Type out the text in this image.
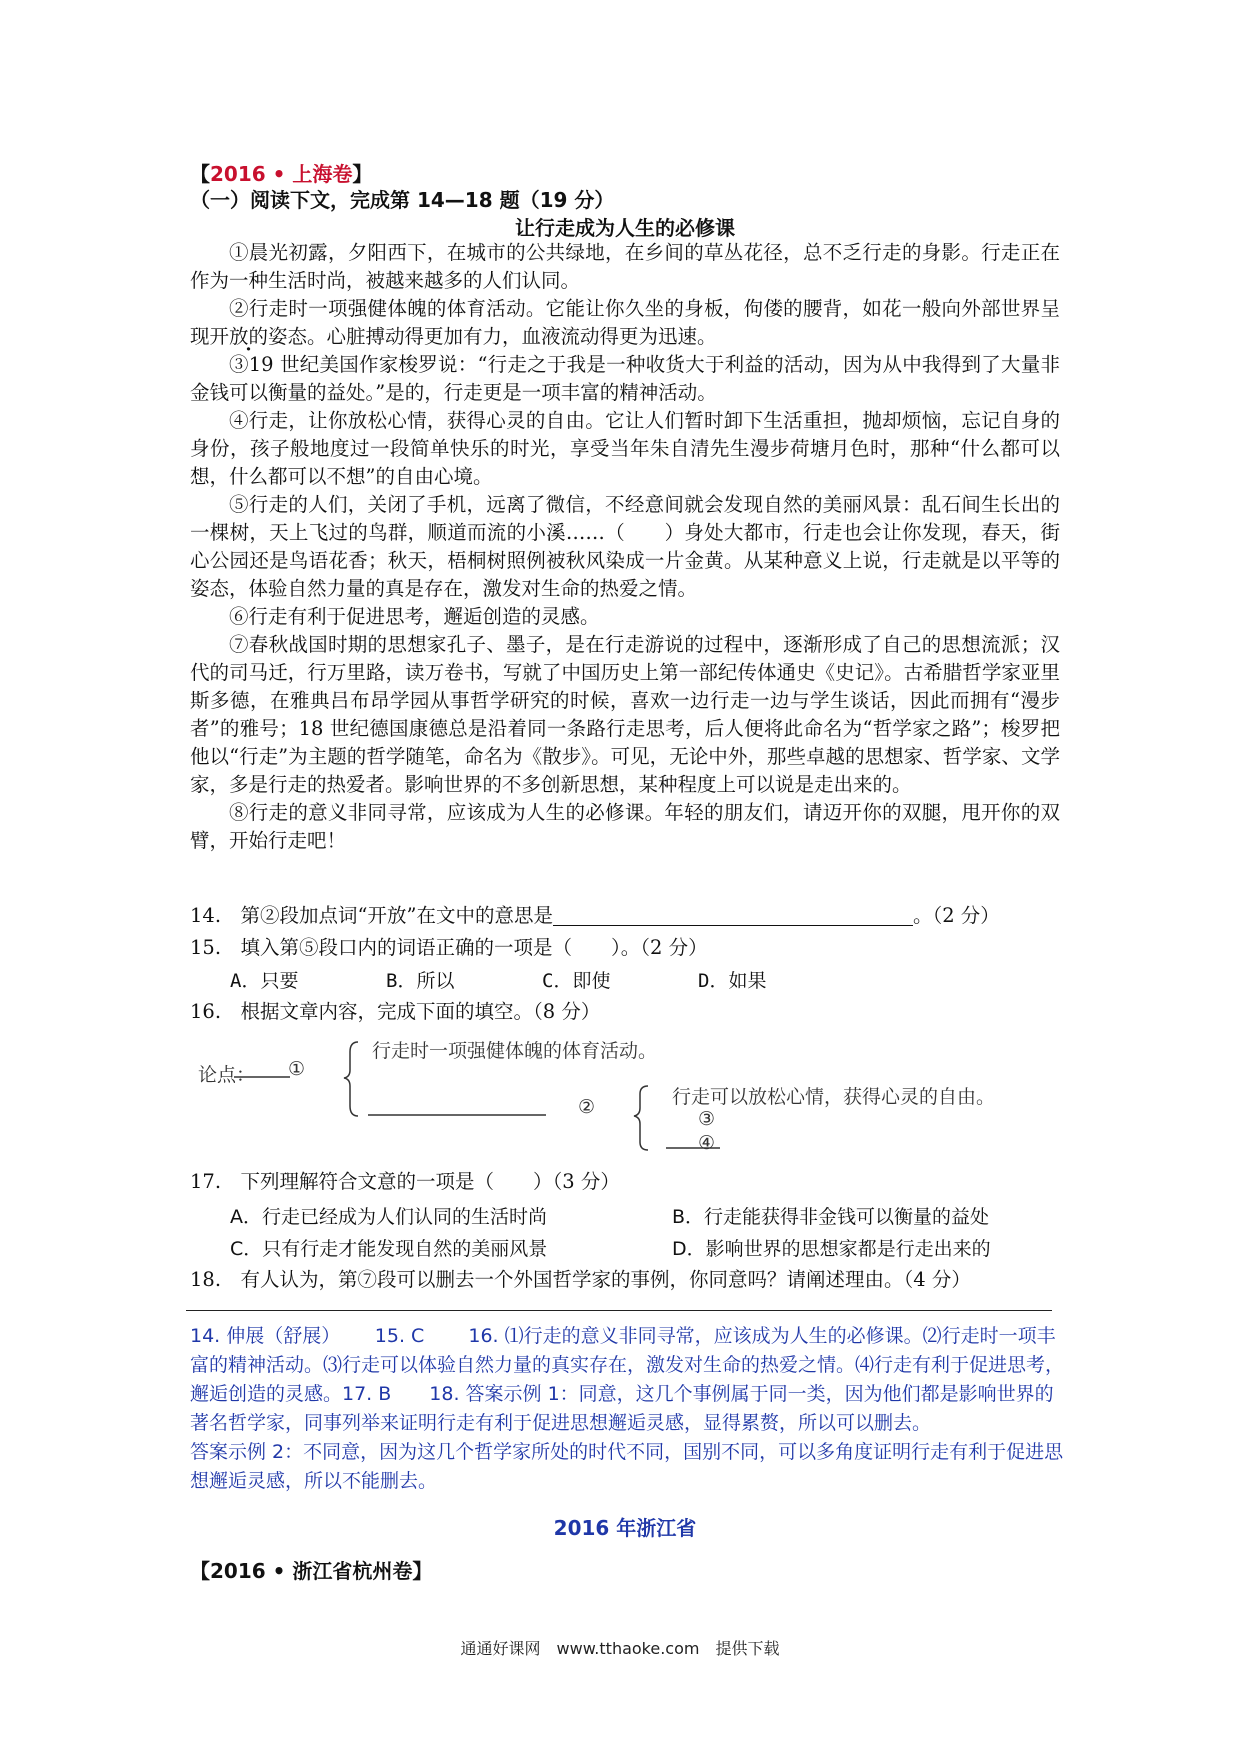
【2016 • 上海卷】
（一）阅读下文，完成第 14—18 题（19 分）
让行走成为人生的必修课

①晨光初露，夕阳西下，在城市的公共绿地，在乡间的草丛花径，总不乏行走的身影。行走正在作为一种生活时尚，被越来越多的人们认同。

②行走时一项强健体魄的体育活动。它能让你久坐的身板，佝偻的腰背，如花一般向外部世界呈现开放的姿态。心脏搏动得更加有力，血液流动得更为迅速。

③19 世纪美国作家梭罗说：“行走之于我是一种收货大于利益的活动，因为从中我得到了大量非金钱可以衡量的益处。”是的，行走更是一项丰富的精神活动。

④行走，让你放松心情，获得心灵的自由。它让人们暂时卸下生活重担，抛却烦恼，忘记自身的身份，孩子般地度过一段简单快乐的时光，享受当年朱自清先生漫步荷塘月色时，那种“什么都可以想，什么都可以不想”的自由心境。

⑤行走的人们，关闭了手机，远离了微信，不经意间就会发现自然的美丽风景：乱石间生长出的一棵树，天上飞过的鸟群，顺道而流的小溪……（　　）身处大都市，行走也会让你发现，春天，街心公园还是鸟语花香；秋天，梧桐树照例被秋风染成一片金黄。从某种意义上说，行走就是以平等的姿态，体验自然力量的真是存在，激发对生命的热爱之情。

⑥行走有利于促进思考，邂逅创造的灵感。

⑦春秋战国时期的思想家孔子、墨子，是在行走游说的过程中，逐渐形成了自己的思想流派；汉代的司马迁，行万里路，读万卷书，写就了中国历史上第一部纪传体通史《史记》。古希腊哲学家亚里斯多德，在雅典吕布昂学园从事哲学研究的时候，喜欢一边行走一边与学生谈话，因此而拥有“漫步者”的雅号；18 世纪德国康德总是沿着同一条路行走思考，后人便将此命名为“哲学家之路”；梭罗把他以“行走”为主题的哲学随笔，命名为《散步》。可见，无论中外，那些卓越的思想家、哲学家、文学家，多是行走的热爱者。影响世界的不多创新思想，某种程度上可以说是走出来的。

⑧行走的意义非同寻常，应该成为人生的必修课。年轻的朋友们，请迈开你的双腿，甩开你的双臂，开始行走吧！

14.　第②段加点词“开放”在文中的意思是	。（2 分）
15.　填入第⑤段口内的词语正确的一项是（　　）。（2 分）
A．只要	B．所以	C．即使	D．如果
16.　根据文章内容，完成下面的填空。（8 分）
论点： ①
行走时一项强健体魄的体育活动。
②	行走可以放松心情，获得心灵的自由。
③
④
17.　下列理解符合文意的一项是（　　）（3 分）
A．行走已经成为人们认同的生活时尚	B．行走能获得非金钱可以衡量的益处
C．只有行走才能发现自然的美丽风景	D．影响世界的思想家都是行走出来的
18.　有人认为，第⑦段可以删去一个外国哲学家的事例，你同意吗？请阐述理由。（4 分）

14. 伸展（舒展）　　 15. C　　 16. ⑴行走的意义非同寻常，应该成为人生的必修课。⑵行走时一项丰富的精神活动。⑶行走可以体验自然力量的真实存在，激发对生命的热爱之情。⑷行走有利于促进思考，邂逅创造的灵感。17. B　　18. 答案示例 1：同意，这几个事例属于同一类，因为他们都是影响世界的著名哲学家，同事列举来证明行走有利于促进思想邂逅灵感，显得累赘，所以可以删去。

答案示例 2：不同意，因为这几个哲学家所处的时代不同，国别不同，可以多角度证明行走有利于促进思想邂逅灵感，所以不能删去。

2016 年浙江省
【2016 • 浙江省杭州卷】
通通好课网　www.tthaoke.com　提供下载
